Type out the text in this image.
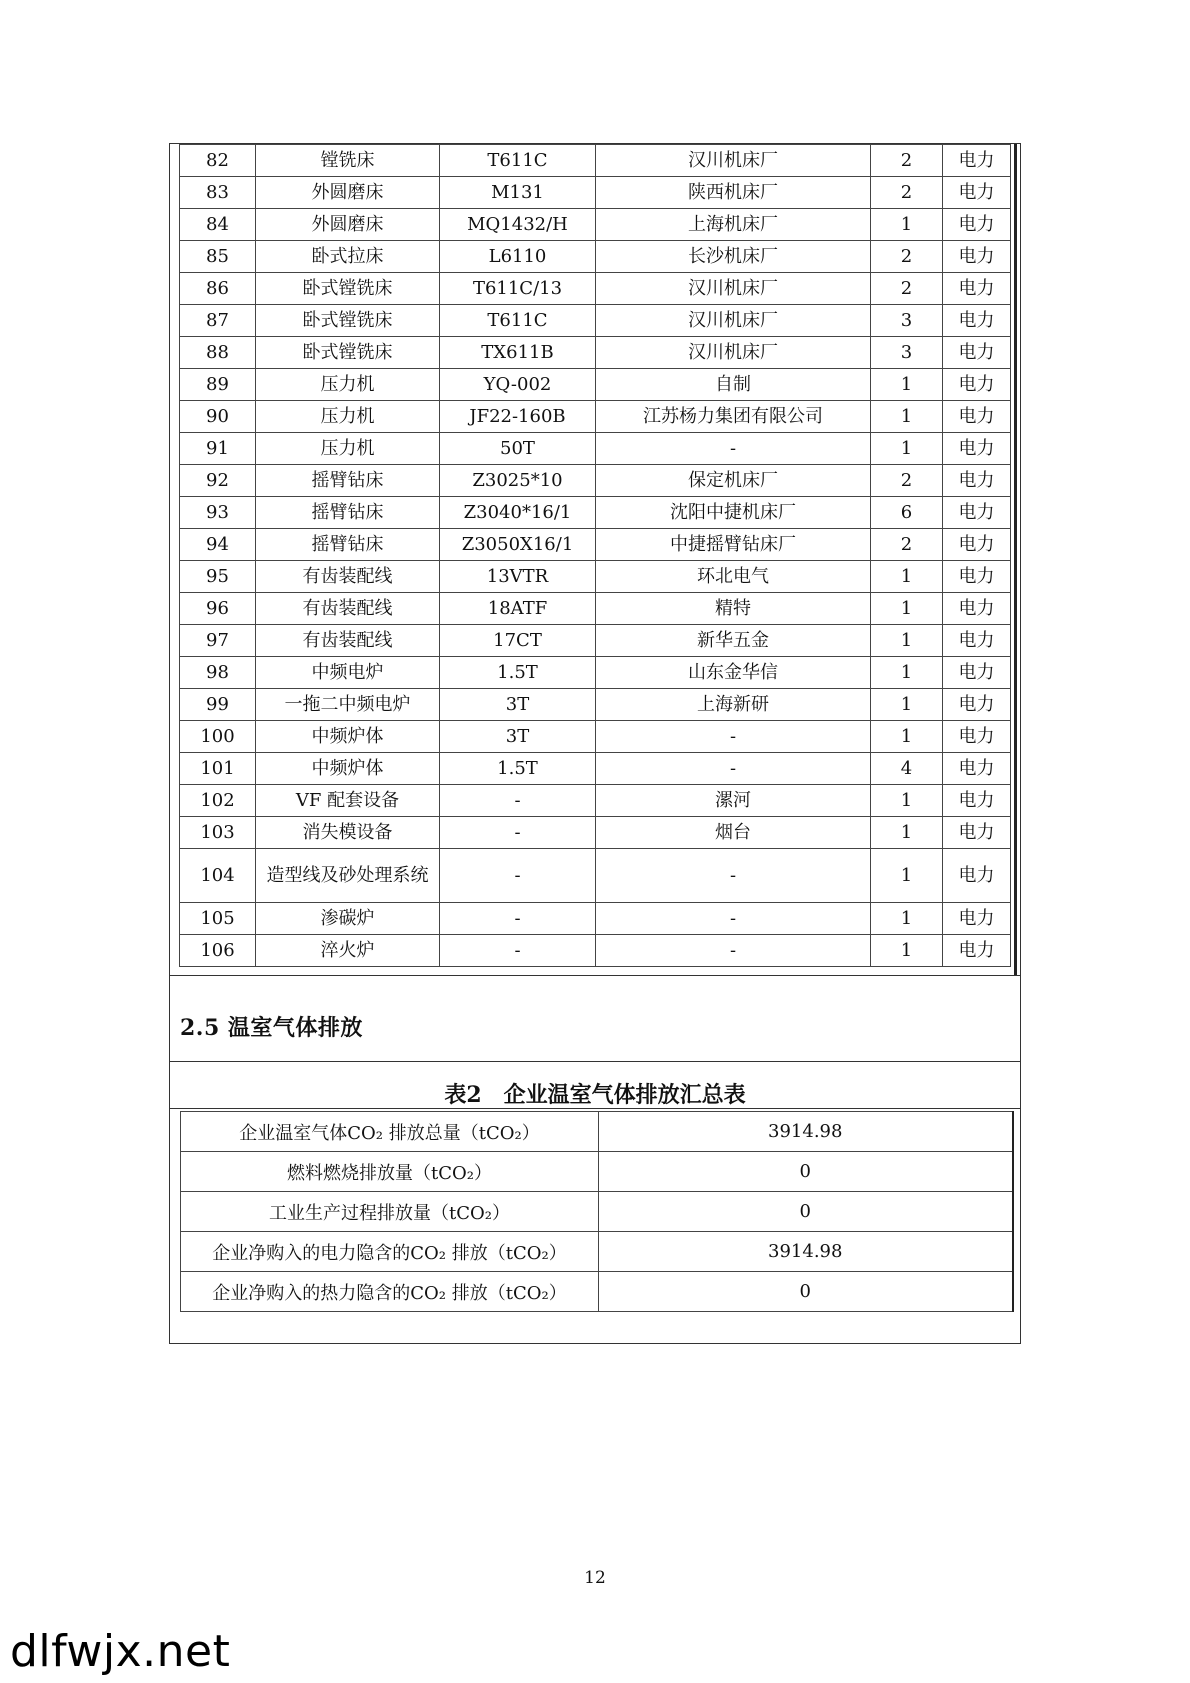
82	镗铣床	T611C	汉川机床厂	2	电力
83	外圆磨床	M131	陕西机床厂	2	电力
84	外圆磨床	MQ1432/H	上海机床厂	1	电力
85	卧式拉床	L6110	长沙机床厂	2	电力
86	卧式镗铣床	T611C/13	汉川机床厂	2	电力
87	卧式镗铣床	T611C	汉川机床厂	3	电力
88	卧式镗铣床	TX611B	汉川机床厂	3	电力
89	压力机	YQ-002	自制	1	电力
90	压力机	JF22-160B	江苏杨力集团有限公司	1	电力
91	压力机	50T	-	1	电力
92	摇臂钻床	Z3025*10	保定机床厂	2	电力
93	摇臂钻床	Z3040*16/1	沈阳中捷机床厂	6	电力
94	摇臂钻床	Z3050X16/1	中捷摇臂钻床厂	2	电力
95	有齿装配线	13VTR	环北电气	1	电力
96	有齿装配线	18ATF	精特	1	电力
97	有齿装配线	17CT	新华五金	1	电力
98	中频电炉	1.5T	山东金华信	1	电力
99	一拖二中频电炉	3T	上海新研	1	电力
100	中频炉体	3T	-	1	电力
101	中频炉体	1.5T	-	4	电力
102	VF 配套设备	-	漯河	1	电力
103	消失模设备	-	烟台	1	电力
104	造型线及砂处理系统	-	-	1	电力
105	渗碳炉	-	-	1	电力
106	淬火炉	-	-	1	电力
2.5 温室气体排放
表2 企业温室气体排放汇总表
企业温室气体CO₂ 排放总量（tCO₂）	3914.98
燃料燃烧排放量（tCO₂）	0
工业生产过程排放量（tCO₂）	0
企业净购入的电力隐含的CO₂ 排放（tCO₂）	3914.98
企业净购入的热力隐含的CO₂ 排放（tCO₂）	0
12
dlfwjx.net
